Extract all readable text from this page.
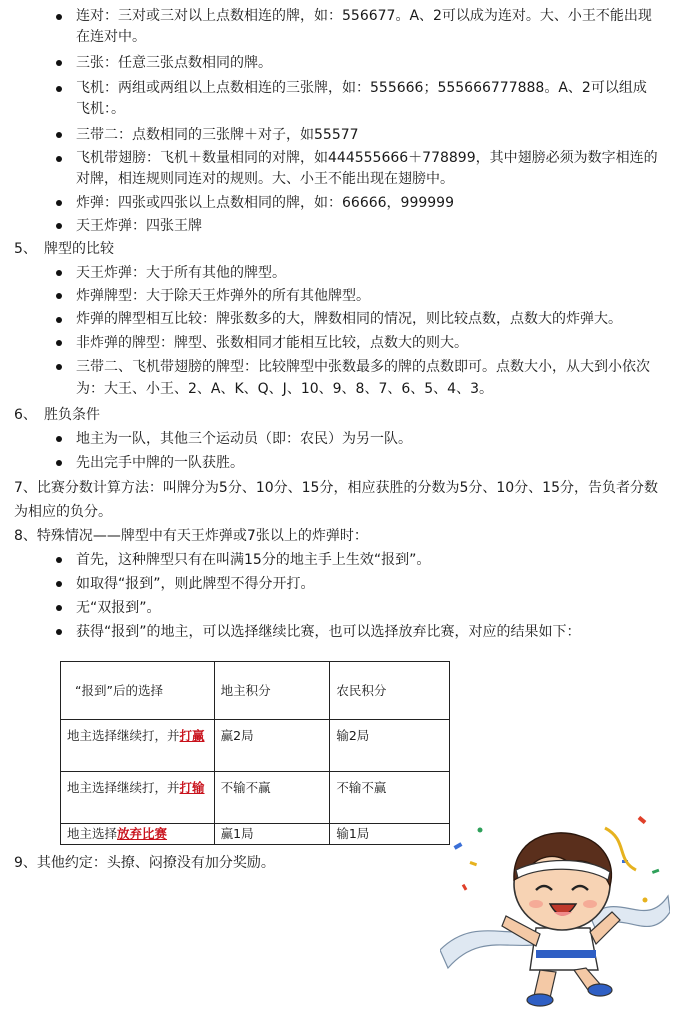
连对：三对或三对以上点数相连的牌，如：556677。A、2可以成为连对。大、小王不能出现在连对中。
三张：任意三张点数相同的牌。
飞机：两组或两组以上点数相连的三张牌，如：555666；555666777888。A、2可以组成飞机：。
三带二：点数相同的三张牌＋对子，如55577
飞机带翅膀：飞机＋数量相同的对牌，如444555666＋778899，其中翅膀必须为数字相连的对牌，相连规则同连对的规则。大、小王不能出现在翅膀中。
炸弹：四张或四张以上点数相同的牌，如：66666，999999
天王炸弹：四张王牌
5、 牌型的比较
天王炸弹：大于所有其他的牌型。
炸弹牌型：大于除天王炸弹外的所有其他牌型。
炸弹的牌型相互比较：牌张数多的大，牌数相同的情况，则比较点数，点数大的炸弹大。
非炸弹的牌型：牌型、张数相同才能相互比较，点数大的则大。
三带二、飞机带翅膀的牌型：比较牌型中张数最多的牌的点数即可。点数大小，从大到小依次为：大王、小王、2、A、K、Q、J、10、9、8、7、6、5、4、3。
6、 胜负条件
地主为一队，其他三个运动员（即：农民）为另一队。
先出完手中牌的一队获胜。
7、比赛分数计算方法：叫牌分为5分、10分、15分，相应获胜的分数为5分、10分、15分，告负者分数为相应的负分。
8、特殊情况——牌型中有天王炸弹或7张以上的炸弹时：
首先，这种牌型只有在叫满15分的地主手上生效“报到”。
如取得“报到”，则此牌型不得分开打。
无“双报到”。
获得“报到”的地主，可以选择继续比赛，也可以选择放弃比赛，对应的结果如下：
“报到”后的选择	地主积分	农民积分
地主选择继续打，并打赢	赢2局	输2局
地主选择继续打，并打输	不输不赢	不输不赢
地主选择放弃比赛	赢1局	输1局
9、其他约定：头撩、闷撩没有加分奖励。
